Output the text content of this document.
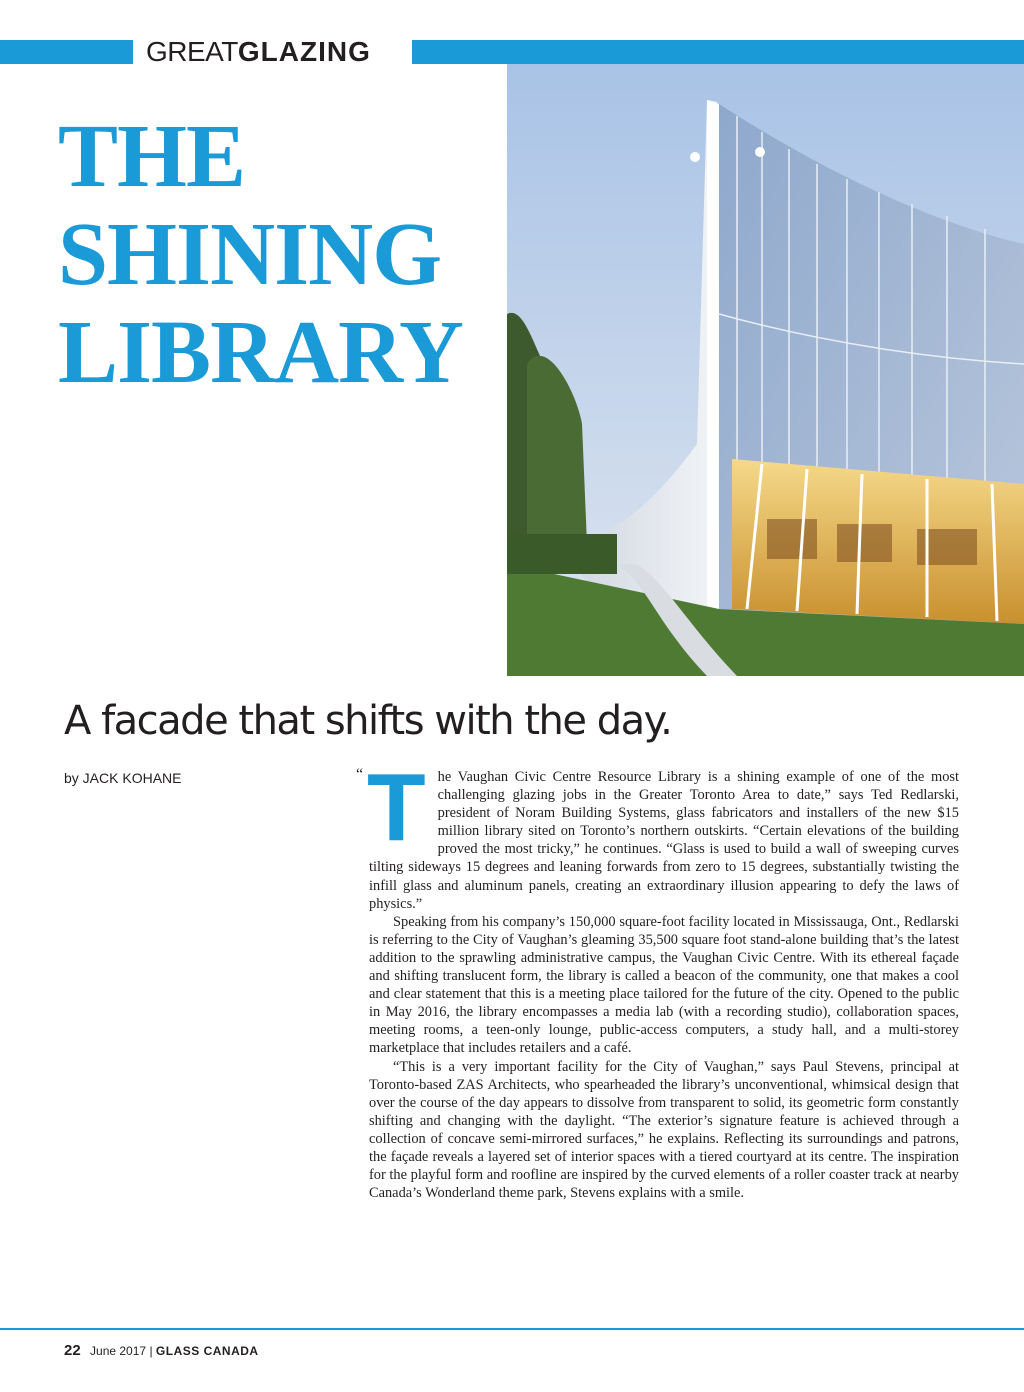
GREATGLAZING
THE
SHINING
LIBRARY
A facade that shifts with the day.
by JACK KOHANE	“ The Vaughan Civic Centre Resource Library is a shining example of one of the most challenging glazing jobs in the Greater Toronto Area to date,” says Ted Redlarski, president of Noram Building Systems, glass fabricators and installers of the new $15 million library sited on Toronto’s northern outskirts. “Certain elevations of the building proved the most tricky,” he continues. “Glass is used to build a wall of sweeping curves tilting sideways 15 degrees and leaning forwards from zero to 15 degrees, substantially twisting the infill glass and aluminum panels, creating an extraordinary illusion appearing to defy the laws of physics.”

Speaking from his company’s 150,000 square-foot facility located in Mississauga, Ont., Redlarski is referring to the City of Vaughan’s gleaming 35,500 square foot stand-alone building that’s the latest addition to the sprawling administrative campus, the Vaughan Civic Centre. With its ethereal façade and shifting translucent form, the library is called a beacon of the community, one that makes a cool and clear statement that this is a meeting place tailored for the future of the city. Opened to the public in May 2016, the library encompasses a media lab (with a recording studio), collaboration spaces, meeting rooms, a teen-only lounge, public-access computers, a study hall, and a multi-storey marketplace that includes retailers and a café.

“This is a very important facility for the City of Vaughan,” says Paul Stevens, principal at Toronto-based ZAS Architects, who spearheaded the library’s unconventional, whimsical design that over the course of the day appears to dissolve from transparent to solid, its geometric form constantly shifting and changing with the daylight. “The exterior’s signature feature is achieved through a collection of concave semi-mirrored surfaces,” he explains. Reflecting its surroundings and patrons, the façade reveals a layered set of interior spaces with a tiered courtyard at its centre. The inspiration for the playful form and roofline are inspired by the curved elements of a roller coaster track at nearby Canada’s Wonderland theme park, Stevens explains with a smile.

22 June 2017 | GLASS CANADA
